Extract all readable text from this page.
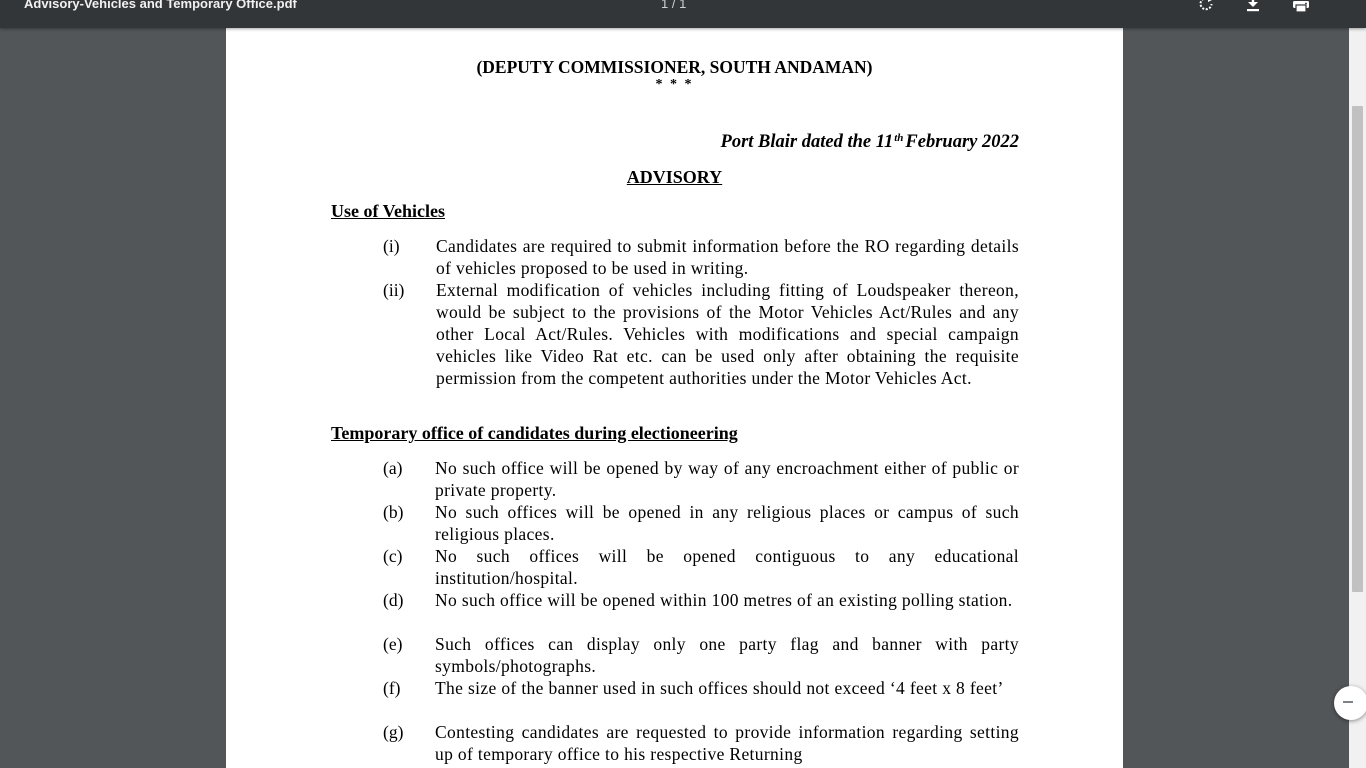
Advisory-Vehicles and Temporary Office.pdf	1 / 1
(DEPUTY COMMISSIONER, SOUTH ANDAMAN)
* * *
Port Blair dated the 11th February 2022
ADVISORY
Use of Vehicles
(i) Candidates are required to submit information before the RO regarding details of vehicles proposed to be used in writing.
(ii) External modification of vehicles including fitting of Loudspeaker thereon, would be subject to the provisions of the Motor Vehicles Act/Rules and any other Local Act/Rules. Vehicles with modifications and special campaign vehicles like Video Rat etc. can be used only after obtaining the requisite permission from the competent authorities under the Motor Vehicles Act.
Temporary office of candidates during electioneering
(a) No such office will be opened by way of any encroachment either of public or private property.
(b) No such offices will be opened in any religious places or campus of such religious places.
(c) No such offices will be opened contiguous to any educational institution/hospital.
(d) No such office will be opened within 100 metres of an existing polling station.
(e) Such offices can display only one party flag and banner with party symbols/photographs.
(f) The size of the banner used in such offices should not exceed ‘4 feet x 8 feet’
(g) Contesting candidates are requested to provide information regarding setting up of temporary office to his respective Returning
